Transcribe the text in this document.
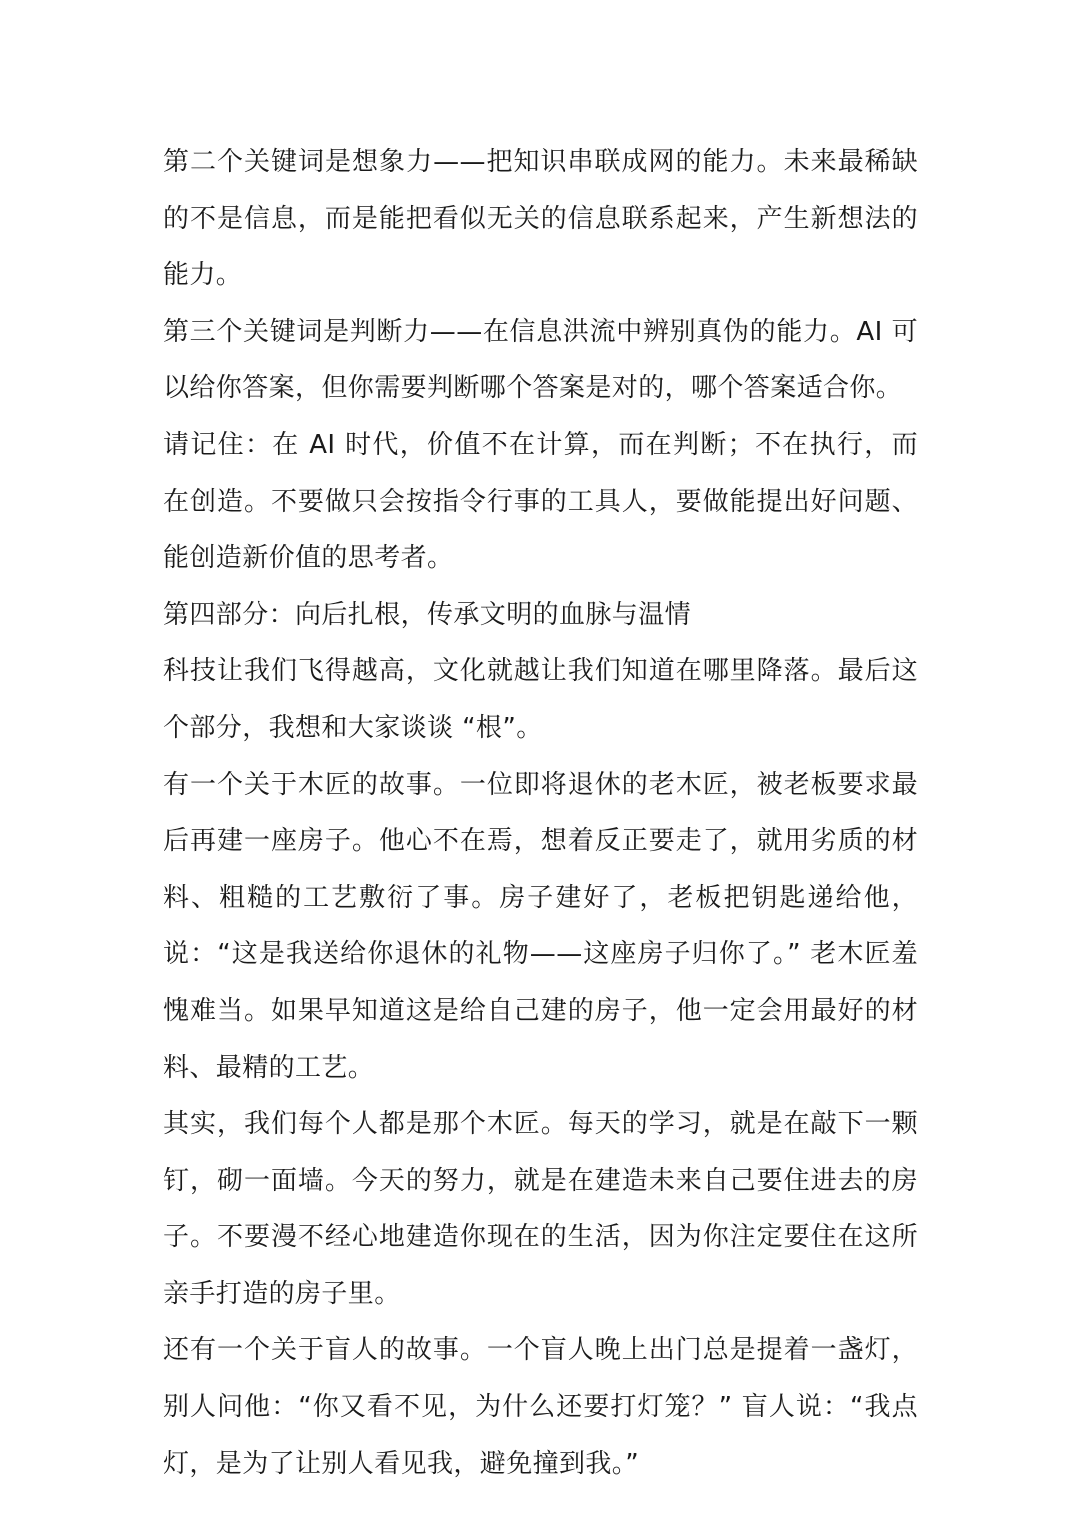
第二个关键词是想象力——把知识串联成网的能力。未来最稀缺的不是信息，而是能把看似无关的信息联系起来，产生新想法的能力。

第三个关键词是判断力——在信息洪流中辨别真伪的能力。AI 可以给你答案，但你需要判断哪个答案是对的，哪个答案适合你。

请记住：在 AI 时代，价值不在计算，而在判断；不在执行，而在创造。不要做只会按指令行事的工具人，要做能提出好问题、能创造新价值的思考者。

第四部分：向后扎根，传承文明的血脉与温情

科技让我们飞得越高，文化就越让我们知道在哪里降落。最后这个部分，我想和大家谈谈 “根”。

有一个关于木匠的故事。一位即将退休的老木匠，被老板要求最后再建一座房子。他心不在焉，想着反正要走了，就用劣质的材料、粗糙的工艺敷衍了事。房子建好了，老板把钥匙递给他，说：“这是我送给你退休的礼物——这座房子归你了。” 老木匠羞愧难当。如果早知道这是给自己建的房子，他一定会用最好的材料、最精的工艺。

其实，我们每个人都是那个木匠。每天的学习，就是在敲下一颗钉，砌一面墙。今天的努力，就是在建造未来自己要住进去的房子。不要漫不经心地建造你现在的生活，因为你注定要住在这所亲手打造的房子里。

还有一个关于盲人的故事。一个盲人晚上出门总是提着一盏灯，别人问他：“你又看不见，为什么还要打灯笼？” 盲人说：“我点灯，是为了让别人看见我，避免撞到我。”
